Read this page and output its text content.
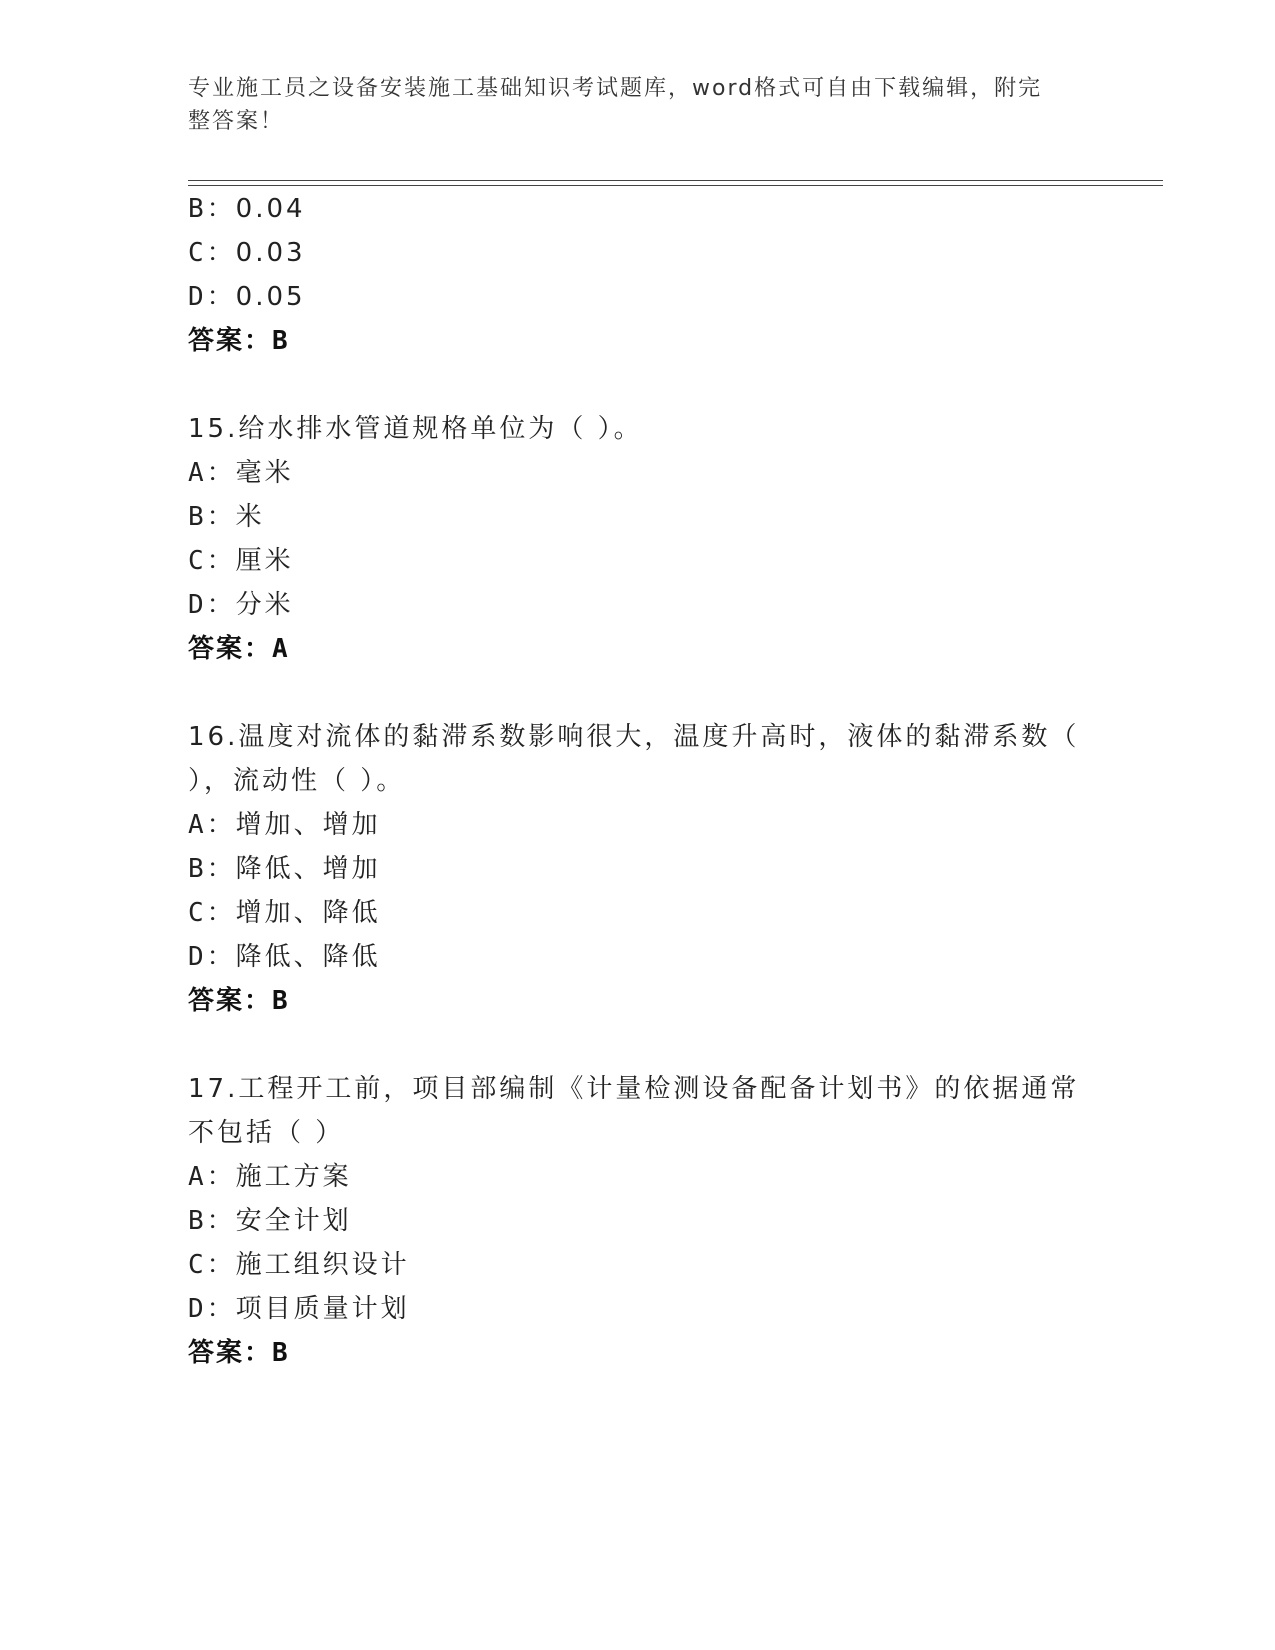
专业施工员之设备安装施工基础知识考试题库，word格式可自由下载编辑，附完
整答案！
B：0.04
C：0.03
D：0.05
答案：B
15.给水排水管道规格单位为（ ）。
A：毫米
B：米
C：厘米
D：分米
答案：A
16.温度对流体的黏滞系数影响很大，温度升高时，液体的黏滞系数（
），流动性（ ）。
A：增加、增加
B：降低、增加
C：增加、降低
D：降低、降低
答案：B
17.工程开工前，项目部编制《计量检测设备配备计划书》的依据通常
不包括（ ）
A：施工方案
B：安全计划
C：施工组织设计
D：项目质量计划
答案：B
